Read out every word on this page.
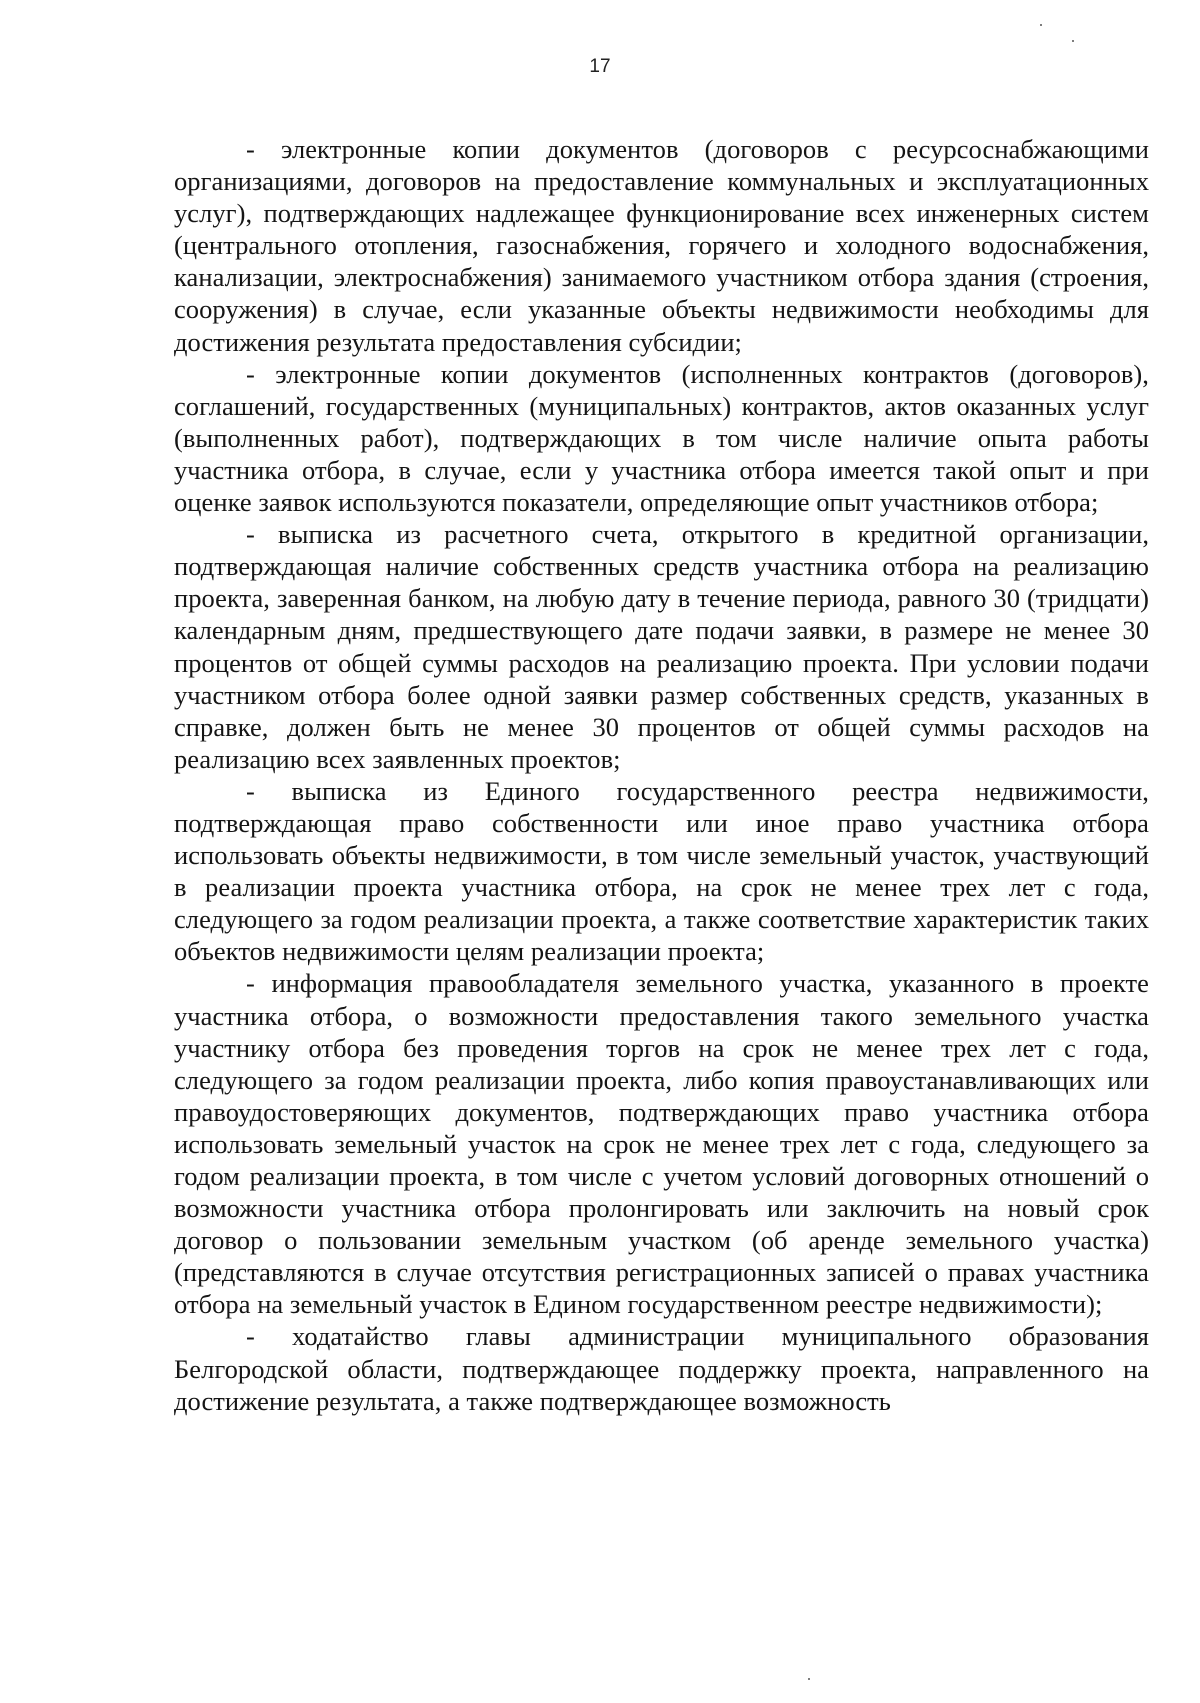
17

- электронные копии документов (договоров с ресурсоснабжающими организациями, договоров на предоставление коммунальных и эксплуатационных услуг), подтверждающих надлежащее функционирование всех инженерных систем (центрального отопления, газоснабжения, горячего и холодного водоснабжения, канализации, электроснабжения) занимаемого участником отбора здания (строения, сооружения) в случае, если указанные объекты недвижимости необходимы для достижения результата предоставления субсидии;

- электронные копии документов (исполненных контрактов (договоров), соглашений, государственных (муниципальных) контрактов, актов оказанных услуг (выполненных работ), подтверждающих в том числе наличие опыта работы участника отбора, в случае, если у участника отбора имеется такой опыт и при оценке заявок используются показатели, определяющие опыт участников отбора;

- выписка из расчетного счета, открытого в кредитной организации, подтверждающая наличие собственных средств участника отбора на реализацию проекта, заверенная банком, на любую дату в течение периода, равного 30 (тридцати) календарным дням, предшествующего дате подачи заявки, в размере не менее 30 процентов от общей суммы расходов на реализацию проекта. При условии подачи участником отбора более одной заявки размер собственных средств, указанных в справке, должен быть не менее 30 процентов от общей суммы расходов на реализацию всех заявленных проектов;

- выписка из Единого государственного реестра недвижимости, подтверждающая право собственности или иное право участника отбора использовать объекты недвижимости, в том числе земельный участок, участвующий в реализации проекта участника отбора, на срок не менее трех лет с года, следующего за годом реализации проекта, а также соответствие характеристик таких объектов недвижимости целям реализации проекта;

- информация правообладателя земельного участка, указанного в проекте участника отбора, о возможности предоставления такого земельного участка участнику отбора без проведения торгов на срок не менее трех лет с года, следующего за годом реализации проекта, либо копия правоустанавливающих или правоудостоверяющих документов, подтверждающих право участника отбора использовать земельный участок на срок не менее трех лет с года, следующего за годом реализации проекта, в том числе с учетом условий договорных отношений о возможности участника отбора пролонгировать или заключить на новый срок договор о пользовании земельным участком (об аренде земельного участка) (представляются в случае отсутствия регистрационных записей о правах участника отбора на земельный участок в Едином государственном реестре недвижимости);

- ходатайство главы администрации муниципального образования Белгородской области, подтверждающее поддержку проекта, направленного на достижение результата, а также подтверждающее возможность
